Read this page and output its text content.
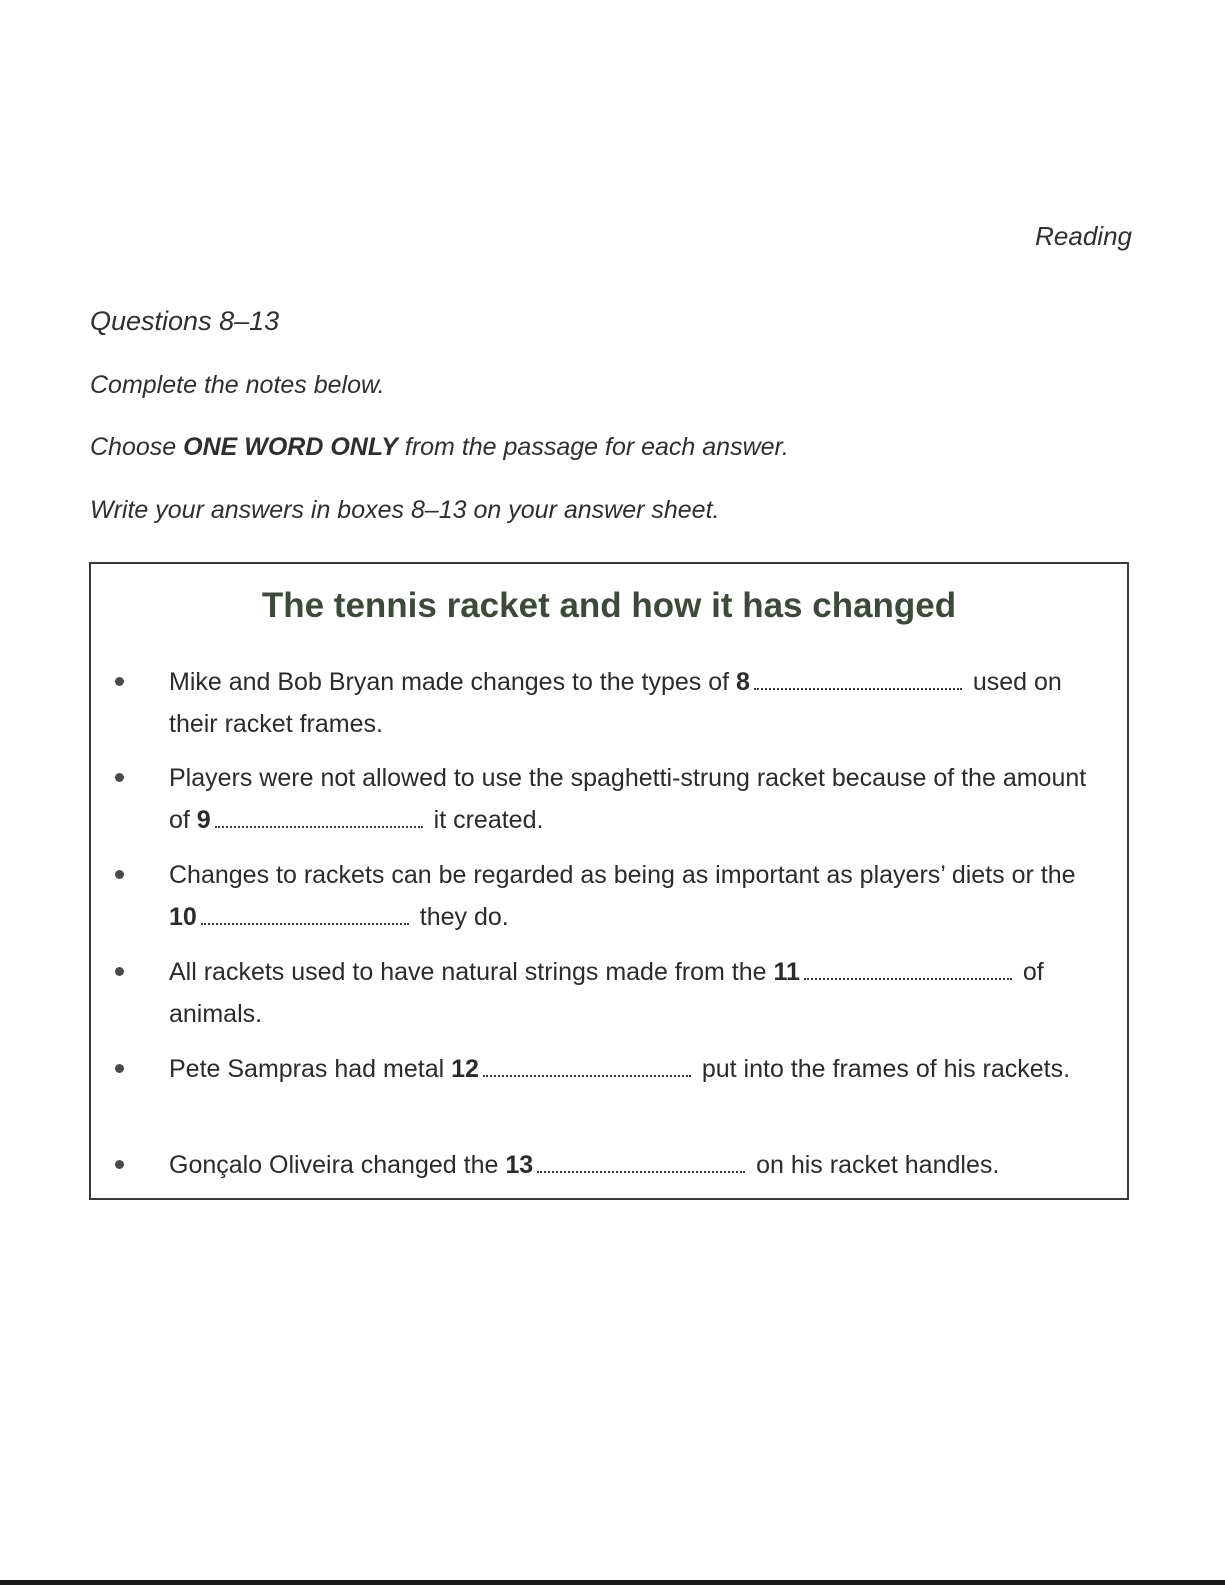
Reading
Questions 8–13
Complete the notes below.
Choose ONE WORD ONLY from the passage for each answer.
Write your answers in boxes 8–13 on your answer sheet.
The tennis racket and how it has changed
Mike and Bob Bryan made changes to the types of 8	used on their racket frames.
Players were not allowed to use the spaghetti-strung racket because of the amount of 9	it created.
Changes to rackets can be regarded as being as important as players’ diets or the 10	they do.
All rackets used to have natural strings made from the 11	of animals.
Pete Sampras had metal 12	put into the frames of his rackets.
Gonçalo Oliveira changed the 13	on his racket handles.
